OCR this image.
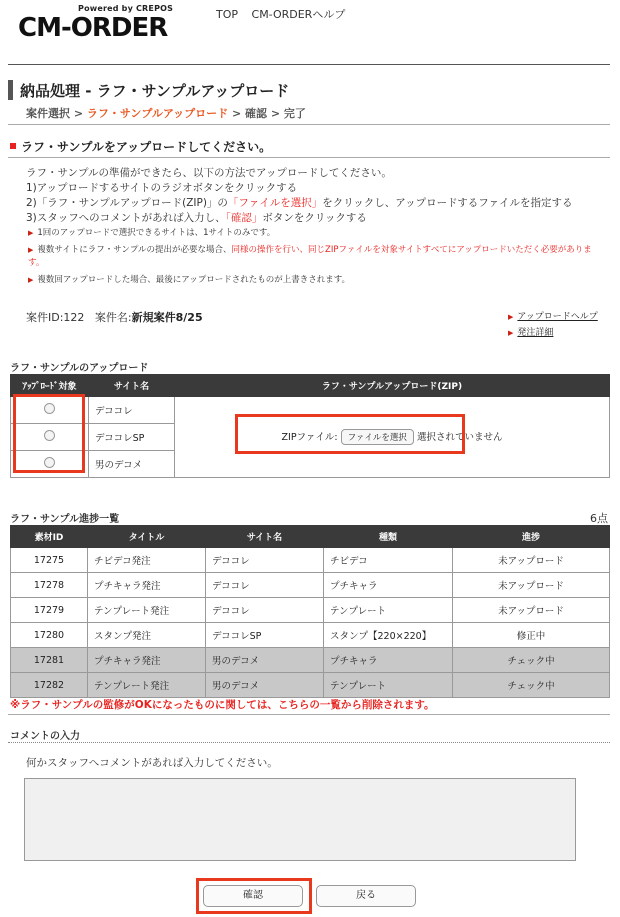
Powered by CREPOS
CM-ORDER	TOP CM-ORDERヘルプ
納品処理 - ラフ・サンプルアップロード
案件選択 > ラフ・サンプルアップロード > 確認 > 完了
ラフ・サンプルをアップロードしてください。
ラフ・サンプルの準備ができたら、以下の方法でアップロードしてください。
1)アップロードするサイトのラジオボタンをクリックする
2)「ラフ・サンプルアップロード(ZIP)」の「ファイルを選択」をクリックし、アップロードするファイルを指定する
3)スタッフへのコメントがあれば入力し、「確認」ボタンをクリックする
▶ 1回のアップロードで選択できるサイトは、1サイトのみです。
▶ 複数サイトにラフ・サンプルの提出が必要な場合、同様の操作を行い、同じZIPファイルを対象サイトすべてにアップロードいただく必要があります。
▶ 複数回アップロードした場合、最後にアップロードされたものが上書きされます。
案件ID:122 案件名:新規案件8/25	▶ アップロードヘルプ
▶ 発注詳細
ラフ・サンプルのアップロード
ｱｯﾌﾟﾛｰﾄﾞ対象	サイト名	ラフ・サンプルアップロード(ZIP)
	デココレ	ZIPファイル: ファイルを選択 選択されていません
	デココレSP	
	男のデコメ	
ラフ・サンプル進捗一覧	6点
素材ID	タイトル	サイト名	種類	進捗
17275	チビデコ発注	デココレ	チビデコ	未アップロード
17278	プチキャラ発注	デココレ	プチキャラ	未アップロード
17279	テンプレート発注	デココレ	テンプレート	未アップロード
17280	スタンプ発注	デココレSP	スタンプ【220×220】	修正中
17281	プチキャラ発注	男のデコメ	プチキャラ	チェック中
17282	テンプレート発注	男のデコメ	テンプレート	チェック中
※ラフ・サンプルの監修がOKになったものに関しては、こちらの一覧から削除されます。
コメントの入力
何かスタッフへコメントがあれば入力してください。
確認	戻る
